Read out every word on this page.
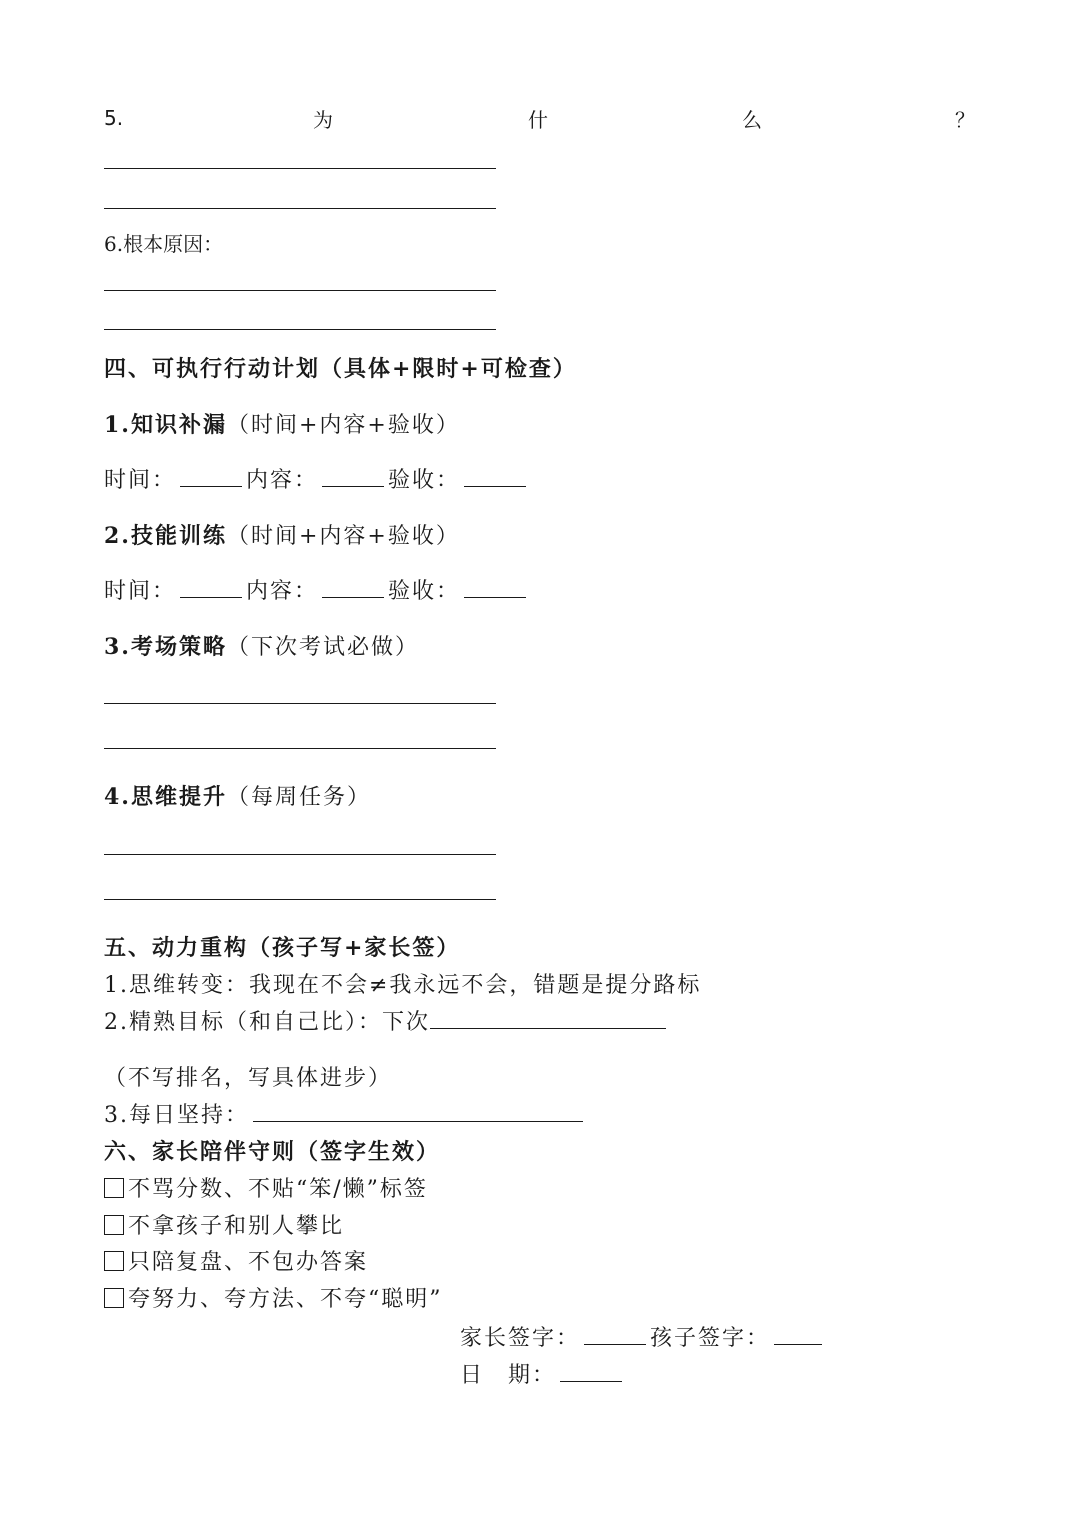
5.	为	什	么	？
6.根本原因：
四、可执行行动计划（具体+限时+可检查）
1.知识补漏（时间+内容+验收）
时间：	内容：	验收：
2.技能训练（时间+内容+验收）
时间：	内容：	验收：
3.考场策略（下次考试必做）
4.思维提升（每周任务）
五、动力重构（孩子写+家长签）
1.思维转变：我现在不会≠我永远不会，错题是提分路标
2.精熟目标（和自己比）：下次
（不写排名，写具体进步）
3.每日坚持：
六、家长陪伴守则（签字生效）
不骂分数、不贴“笨/懒”标签
不拿孩子和别人攀比
只陪复盘、不包办答案
夸努力、夸方法、不夸“聪明”
家长签字：	孩子签字：
日　期：
